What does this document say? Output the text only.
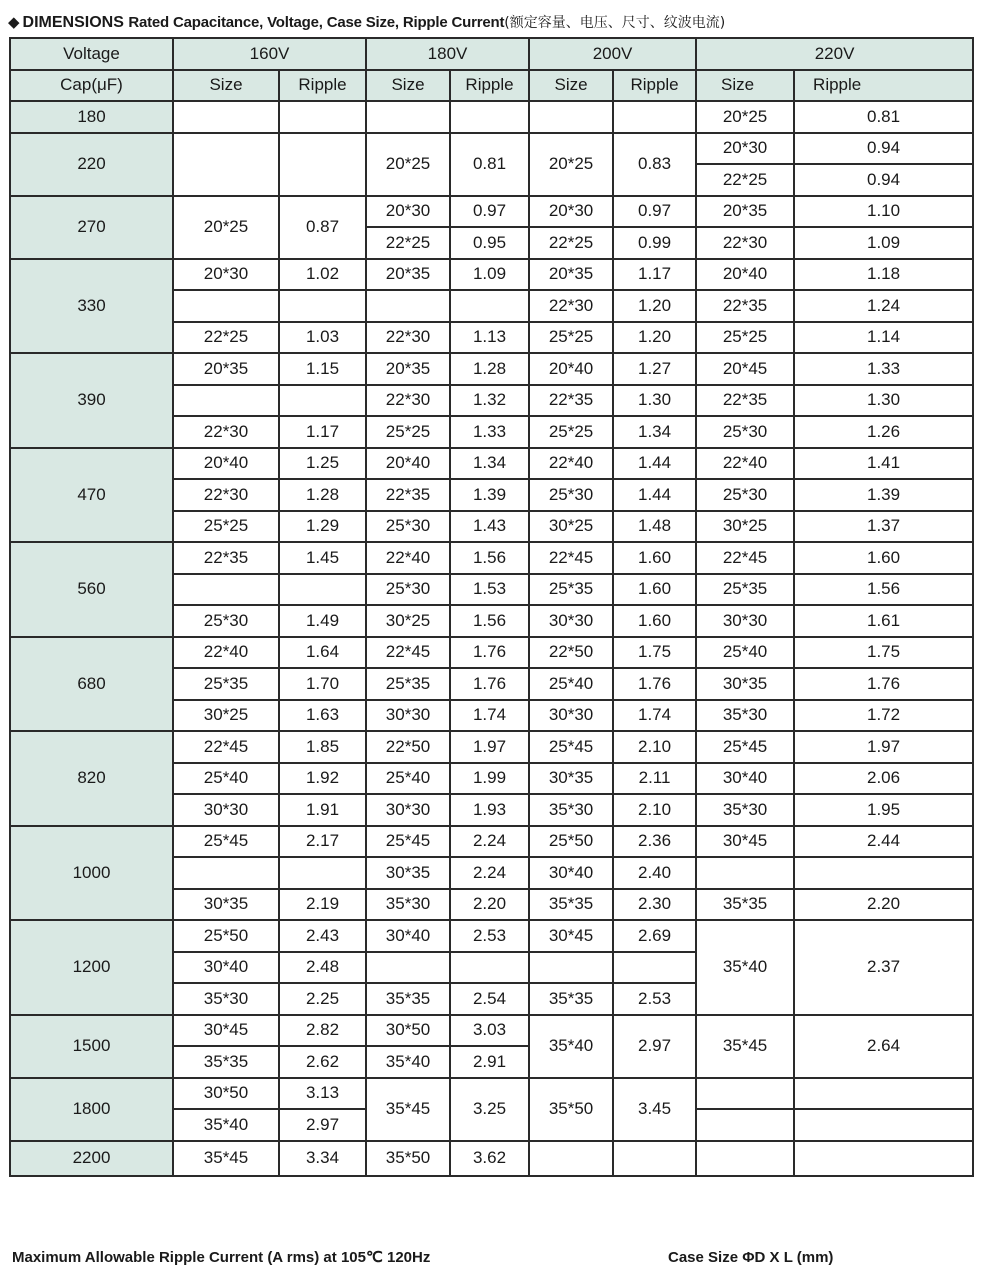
◆ DIMENSIONS Rated Capacitance, Voltage, Case Size, Ripple Current(额定容量、电压、尺寸、纹波电流)
Voltage	160V		180V		200V		220V	
Cap(μF)	Size	Ripple	Size	Ripple	Size	Ripple	Size	Ripple
180							20*25	0.81
220			20*25	0.81	20*25	0.83	20*30	0.94
							22*25	0.94
270	20*25	0.87	20*30	0.97	20*30	0.97	20*35	1.10
			22*25	0.95	22*25	0.99	22*30	1.09
330	20*30	1.02	20*35	1.09	20*35	1.17	20*40	1.18
					22*30	1.20	22*35	1.24
	22*25	1.03	22*30	1.13	25*25	1.20	25*25	1.14
390	20*35	1.15	20*35	1.28	20*40	1.27	20*45	1.33
			22*30	1.32	22*35	1.30	22*35	1.30
	22*30	1.17	25*25	1.33	25*25	1.34	25*30	1.26
470	20*40	1.25	20*40	1.34	22*40	1.44	22*40	1.41
	22*30	1.28	22*35	1.39	25*30	1.44	25*30	1.39
	25*25	1.29	25*30	1.43	30*25	1.48	30*25	1.37
560	22*35	1.45	22*40	1.56	22*45	1.60	22*45	1.60
			25*30	1.53	25*35	1.60	25*35	1.56
	25*30	1.49	30*25	1.56	30*30	1.60	30*30	1.61
680	22*40	1.64	22*45	1.76	22*50	1.75	25*40	1.75
	25*35	1.70	25*35	1.76	25*40	1.76	30*35	1.76
	30*25	1.63	30*30	1.74	30*30	1.74	35*30	1.72
820	22*45	1.85	22*50	1.97	25*45	2.10	25*45	1.97
	25*40	1.92	25*40	1.99	30*35	2.11	30*40	2.06
	30*30	1.91	30*30	1.93	35*30	2.10	35*30	1.95
1000	25*45	2.17	25*45	2.24	25*50	2.36	30*45	2.44
			30*35	2.24	30*40	2.40		
	30*35	2.19	35*30	2.20	35*35	2.30	35*35	2.20
1200	25*50	2.43	30*40	2.53	30*45	2.69	35*40	2.37
	30*40	2.48						
	35*30	2.25	35*35	2.54	35*35	2.53		
1500	30*45	2.82	30*50	3.03	35*40	2.97	35*45	2.64
	35*35	2.62	35*40	2.91				
1800	30*50	3.13	35*45	3.25	35*50	3.45		
	35*40	2.97						
2200	35*45	3.34	35*50	3.62				
Maximum Allowable Ripple Current (A rms) at 105℃ 120Hz	Case Size ΦD X L (mm)
